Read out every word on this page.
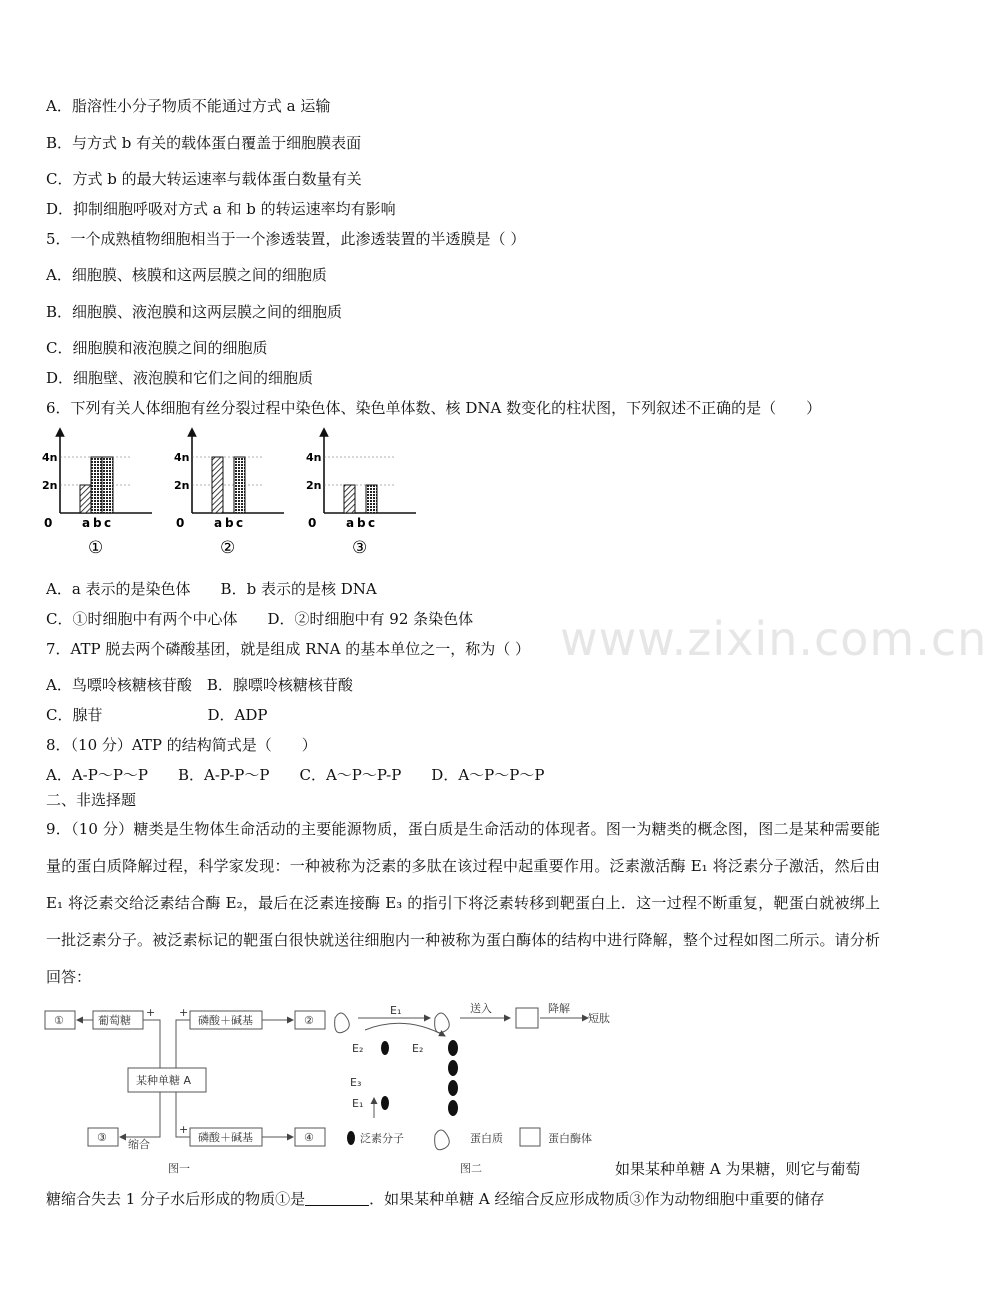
www.zixin.com.cn
A．脂溶性小分子物质不能通过方式 a 运输
B．与方式 b 有关的载体蛋白覆盖于细胞膜表面
C．方式 b 的最大转运速率与载体蛋白数量有关
D．抑制细胞呼吸对方式 a 和 b 的转运速率均有影响
5．一个成熟植物细胞相当于一个渗透装置，此渗透装置的半透膜是（ ）
A．细胞膜、核膜和这两层膜之间的细胞质
B．细胞膜、液泡膜和这两层膜之间的细胞质
C．细胞膜和液泡膜之间的细胞质
D．细胞壁、液泡膜和它们之间的细胞质
6．下列有关人体细胞有丝分裂过程中染色体、染色单体数、核 DNA 数变化的柱状图，下列叙述不正确的是（　　）
2n
4n
0 a b c
①
2n
4n
0 a b c
②
2n
4n
0 a b c
③
A．a 表示的是染色体　　B．b 表示的是核 DNA
C．①时细胞中有两个中心体　　D．②时细胞中有 92 条染色体
7．ATP 脱去两个磷酸基团，就是组成 RNA 的基本单位之一，称为（ ）
A．鸟嘌呤核糖核苷酸　B．腺嘌呤核糖核苷酸
C．腺苷　　　　　　　D．ADP
8．（10 分）ATP 的结构简式是（　　）
A．A-P～P～P　　B．A-P-P～P　　C．A～P～P-P　　D．A～P～P～P
二、非选择题
9．（10 分）糖类是生物体生命活动的主要能源物质，蛋白质是生命活动的体现者。图一为糖类的概念图，图二是某种需要能量的蛋白质降解过程，科学家发现：一种被称为泛素的多肽在该过程中起重要作用。泛素激活酶 E₁ 将泛素分子激活，然后由 E₁ 将泛素交给泛素结合酶 E₂，最后在泛素连接酶 E₃ 的指引下将泛素转移到靶蛋白上．这一过程不断重复，靶蛋白就被绑上一批泛素分子。被泛素标记的靶蛋白很快就送往细胞内一种被称为蛋白酶体的结构中进行降解，整个过程如图二所示。请分析回答：
①	葡萄糖	磷酸＋碱基	②
某种单糖 A
③	磷酸＋碱基	④
+ +
+
缩合
图一
E₁	送入	降解
短肽
E₂	E₂
E₃
E₁
泛素分子	蛋白质	蛋白酶体
图二	如果某种单糖 A 为果糖，则它与葡萄
糖缩合失去 1 分子水后形成的物质①是	．如果某种单糖 A 经缩合反应形成物质③作为动物细胞中重要的储存
